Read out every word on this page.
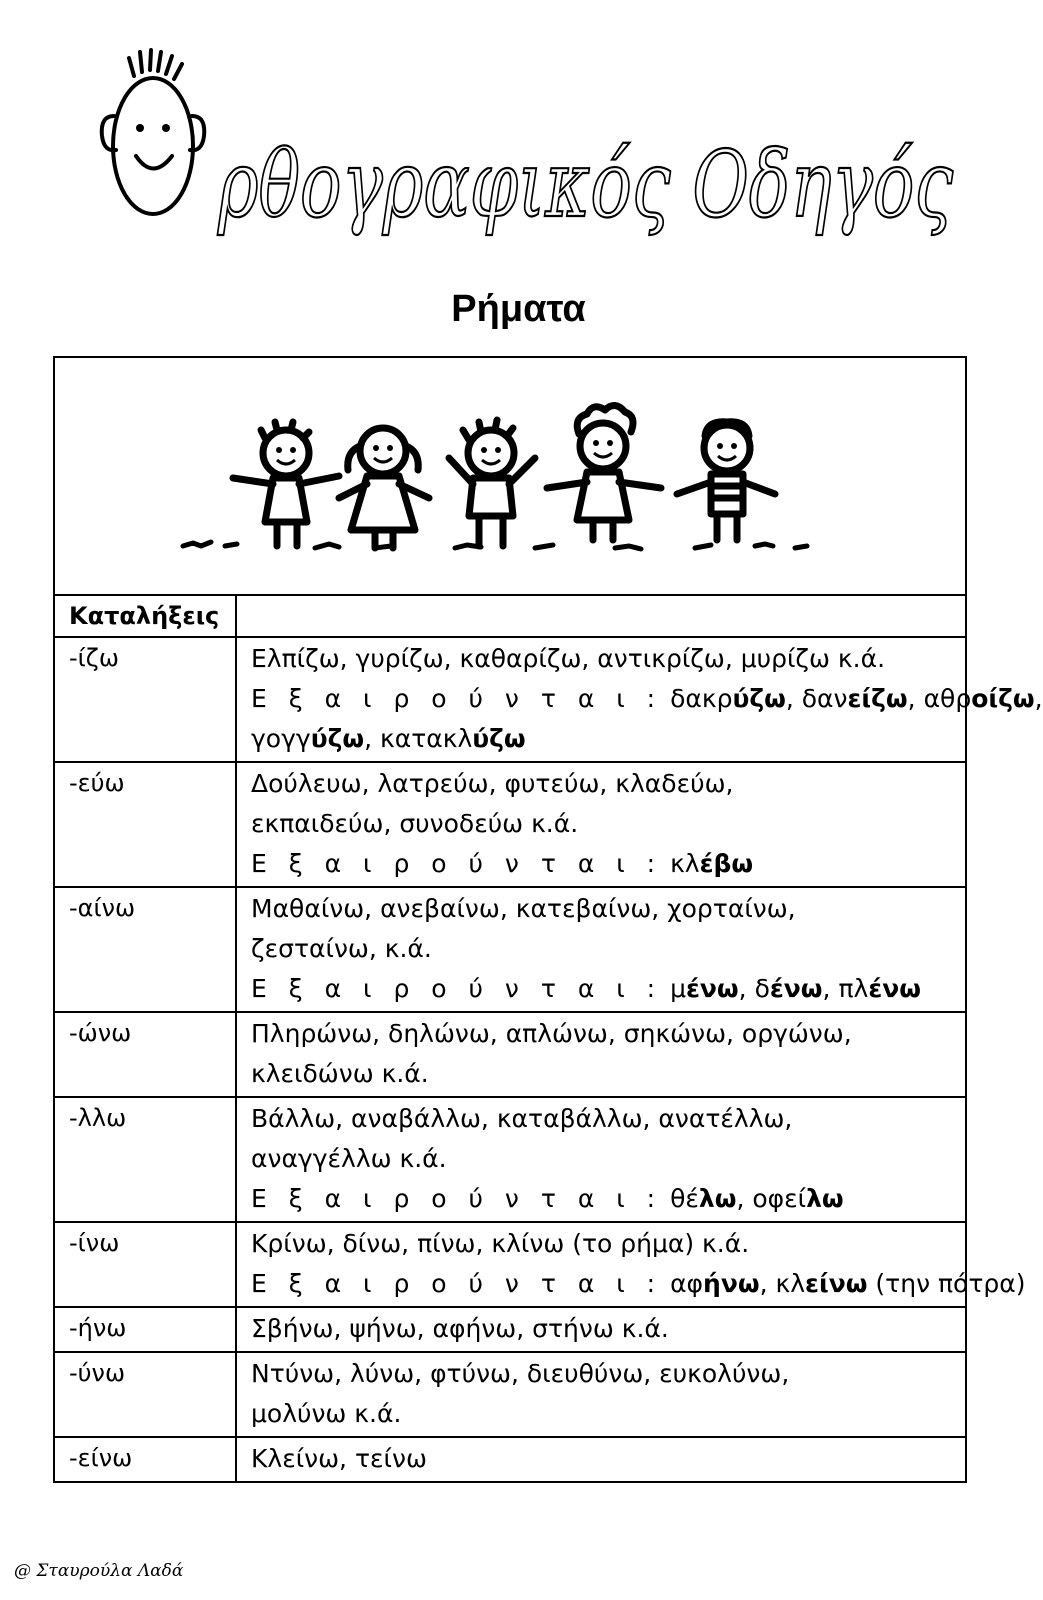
ρθογραφικός Οδηγός
Ρήματα

Καταλήξεις	
-ίζω	Ελπίζω, γυρίζω, καθαρίζω, αντικρίζω, μυρίζω κ.ά.
Ε ξ α ι ρ ο ύ ν τ α ι : δακρύζω, δανείζω, αθροίζω,
γογγύζω, κατακλύζω

-εύω	Δούλευω, λατρεύω, φυτεύω, κλαδεύω,
εκπαιδεύω, συνοδεύω κ.ά.
Ε ξ α ι ρ ο ύ ν τ α ι : κλέβω

-αίνω	Μαθαίνω, ανεβαίνω, κατεβαίνω, χορταίνω,
ζεσταίνω, κ.ά.
Ε ξ α ι ρ ο ύ ν τ α ι : μένω, δένω, πλένω

-ώνω	Πληρώνω, δηλώνω, απλώνω, σηκώνω, οργώνω,
κλειδώνω κ.ά.

-λλω	Βάλλω, αναβάλλω, καταβάλλω, ανατέλλω,
αναγγέλλω κ.ά.
Ε ξ α ι ρ ο ύ ν τ α ι : θέλω, οφείλω

-ίνω	Κρίνω, δίνω, πίνω, κλίνω (το ρήμα) κ.ά.
Ε ξ α ι ρ ο ύ ν τ α ι : αφήνω, κλείνω (την πότρα)

-ήνω	Σβήνω, ψήνω, αφήνω, στήνω κ.ά.

-ύνω	Ντύνω, λύνω, φτύνω, διευθύνω, ευκολύνω,
μολύνω κ.ά.

-είνω	Κλείνω, τείνω
@ Σταυρούλα Λαδά
